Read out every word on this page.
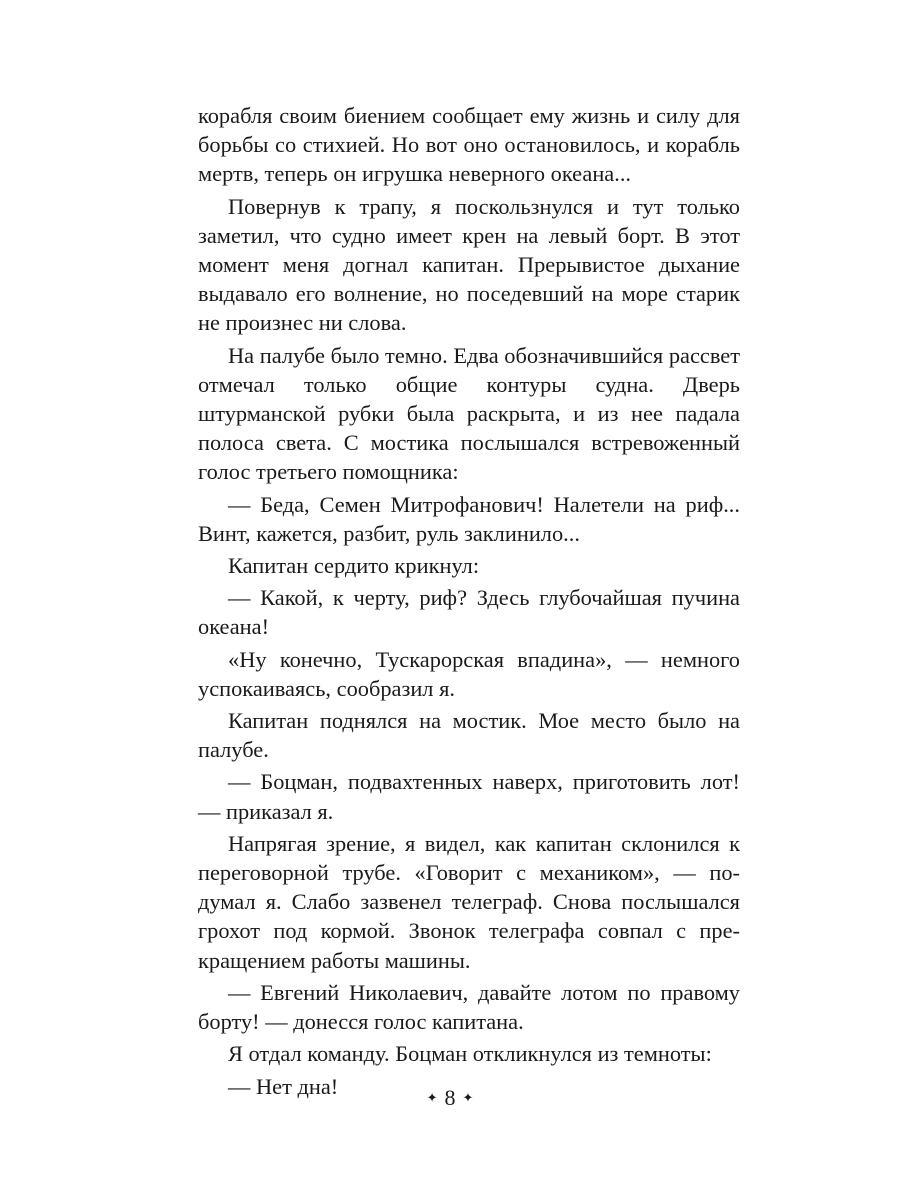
корабля своим биением сообщает ему жизнь и силу для борьбы со стихией. Но вот оно остановилось, и корабль мертв, теперь он игрушка неверного океана...

Повернув к трапу, я поскользнулся и тут только заметил, что судно имеет крен на левый борт. В этот момент меня догнал капитан. Прерывистое дыхание выдавало его волнение, но поседевший на море старик не произнес ни слова.

На палубе было темно. Едва обозначившийся рассвет отмечал только общие контуры судна. Дверь штурманской рубки была раскрыта, и из нее падала полоса света. С мостика послышался встревоженный голос третьего помощника:

— Беда, Семен Митрофанович! Налетели на риф... Винт, кажется, разбит, руль заклинило...

Капитан сердито крикнул:

— Какой, к черту, риф? Здесь глубочайшая пучина океана!

«Ну конечно, Тускарорская впадина», — немного успокаиваясь, сообразил я.

Капитан поднялся на мостик. Мое место было на палубе.

— Боцман, подвахтенных наверх, приготовить лот! — приказал я.

Напрягая зрение, я видел, как капитан склонился к переговорной трубе. «Говорит с механиком», — подумал я. Слабо зазвенел телеграф. Снова послышался грохот под кормой. Звонок телеграфа совпал с прекращением работы машины.

— Евгений Николаевич, давайте лотом по правому борту! — донесся голос капитана.

Я отдал команду. Боцман откликнулся из темноты:

— Нет дна!	✦ 8 ✦
